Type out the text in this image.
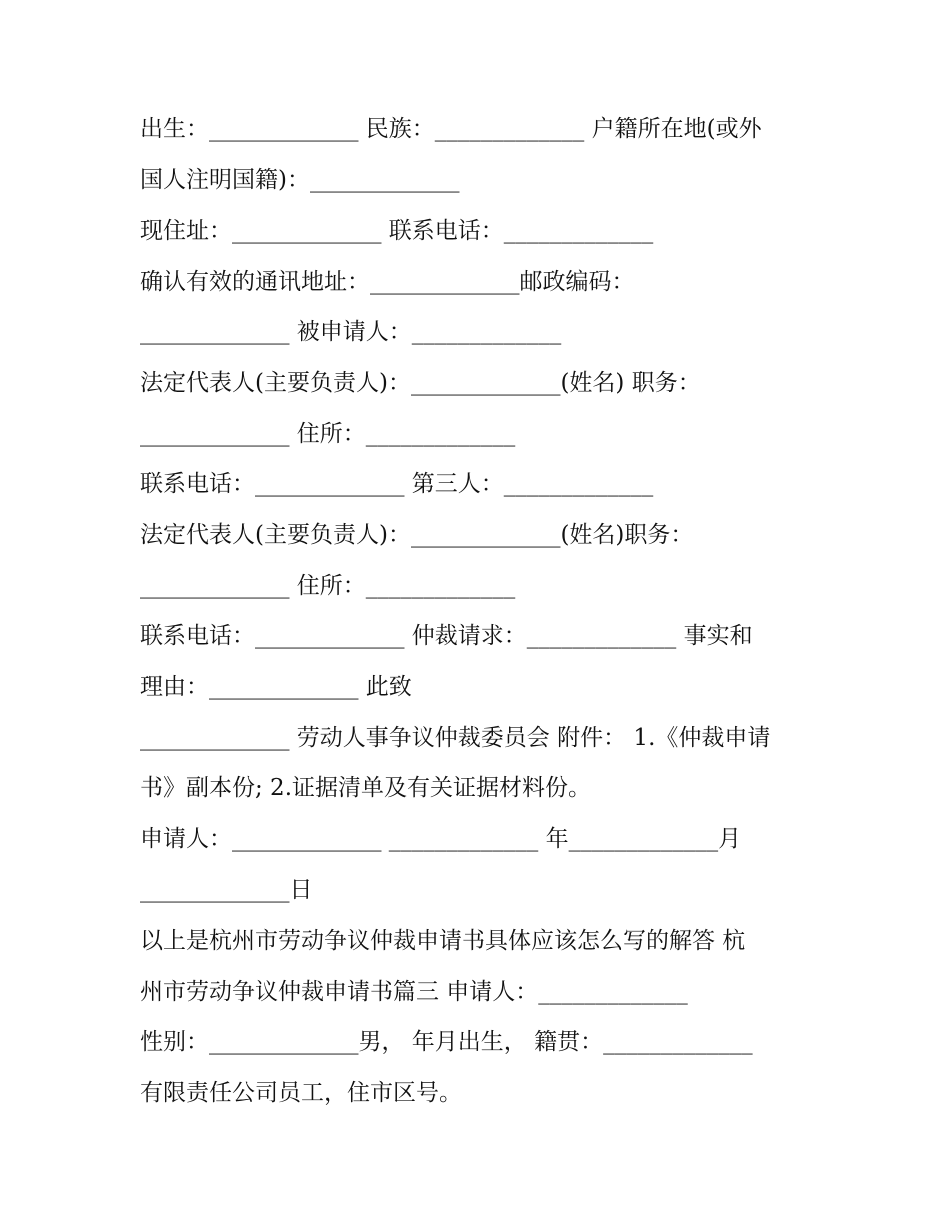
出生：_____________ 民族：_____________ 户籍所在地(或外
国人注明国籍)：_____________
现住址：_____________ 联系电话：_____________
确认有效的通讯地址：_____________邮政编码：
_____________ 被申请人：_____________
法定代表人(主要负责人)：_____________(姓名) 职务：
_____________ 住所：_____________
联系电话：_____________ 第三人：_____________
法定代表人(主要负责人)：_____________(姓名)职务：
_____________ 住所：_____________
联系电话：_____________ 仲裁请求：_____________ 事实和
理由：_____________ 此致
_____________ 劳动人事争议仲裁委员会 附件： 1.《仲裁申请
书》副本份; 2.证据清单及有关证据材料份。
申请人：_____________ _____________ 年_____________月
_____________日
以上是杭州市劳动争议仲裁申请书具体应该怎么写的解答 杭
州市劳动争议仲裁申请书篇三 申请人：_____________
性别：_____________男， 年月出生， 籍贯：_____________
有限责任公司员工，住市区号。
